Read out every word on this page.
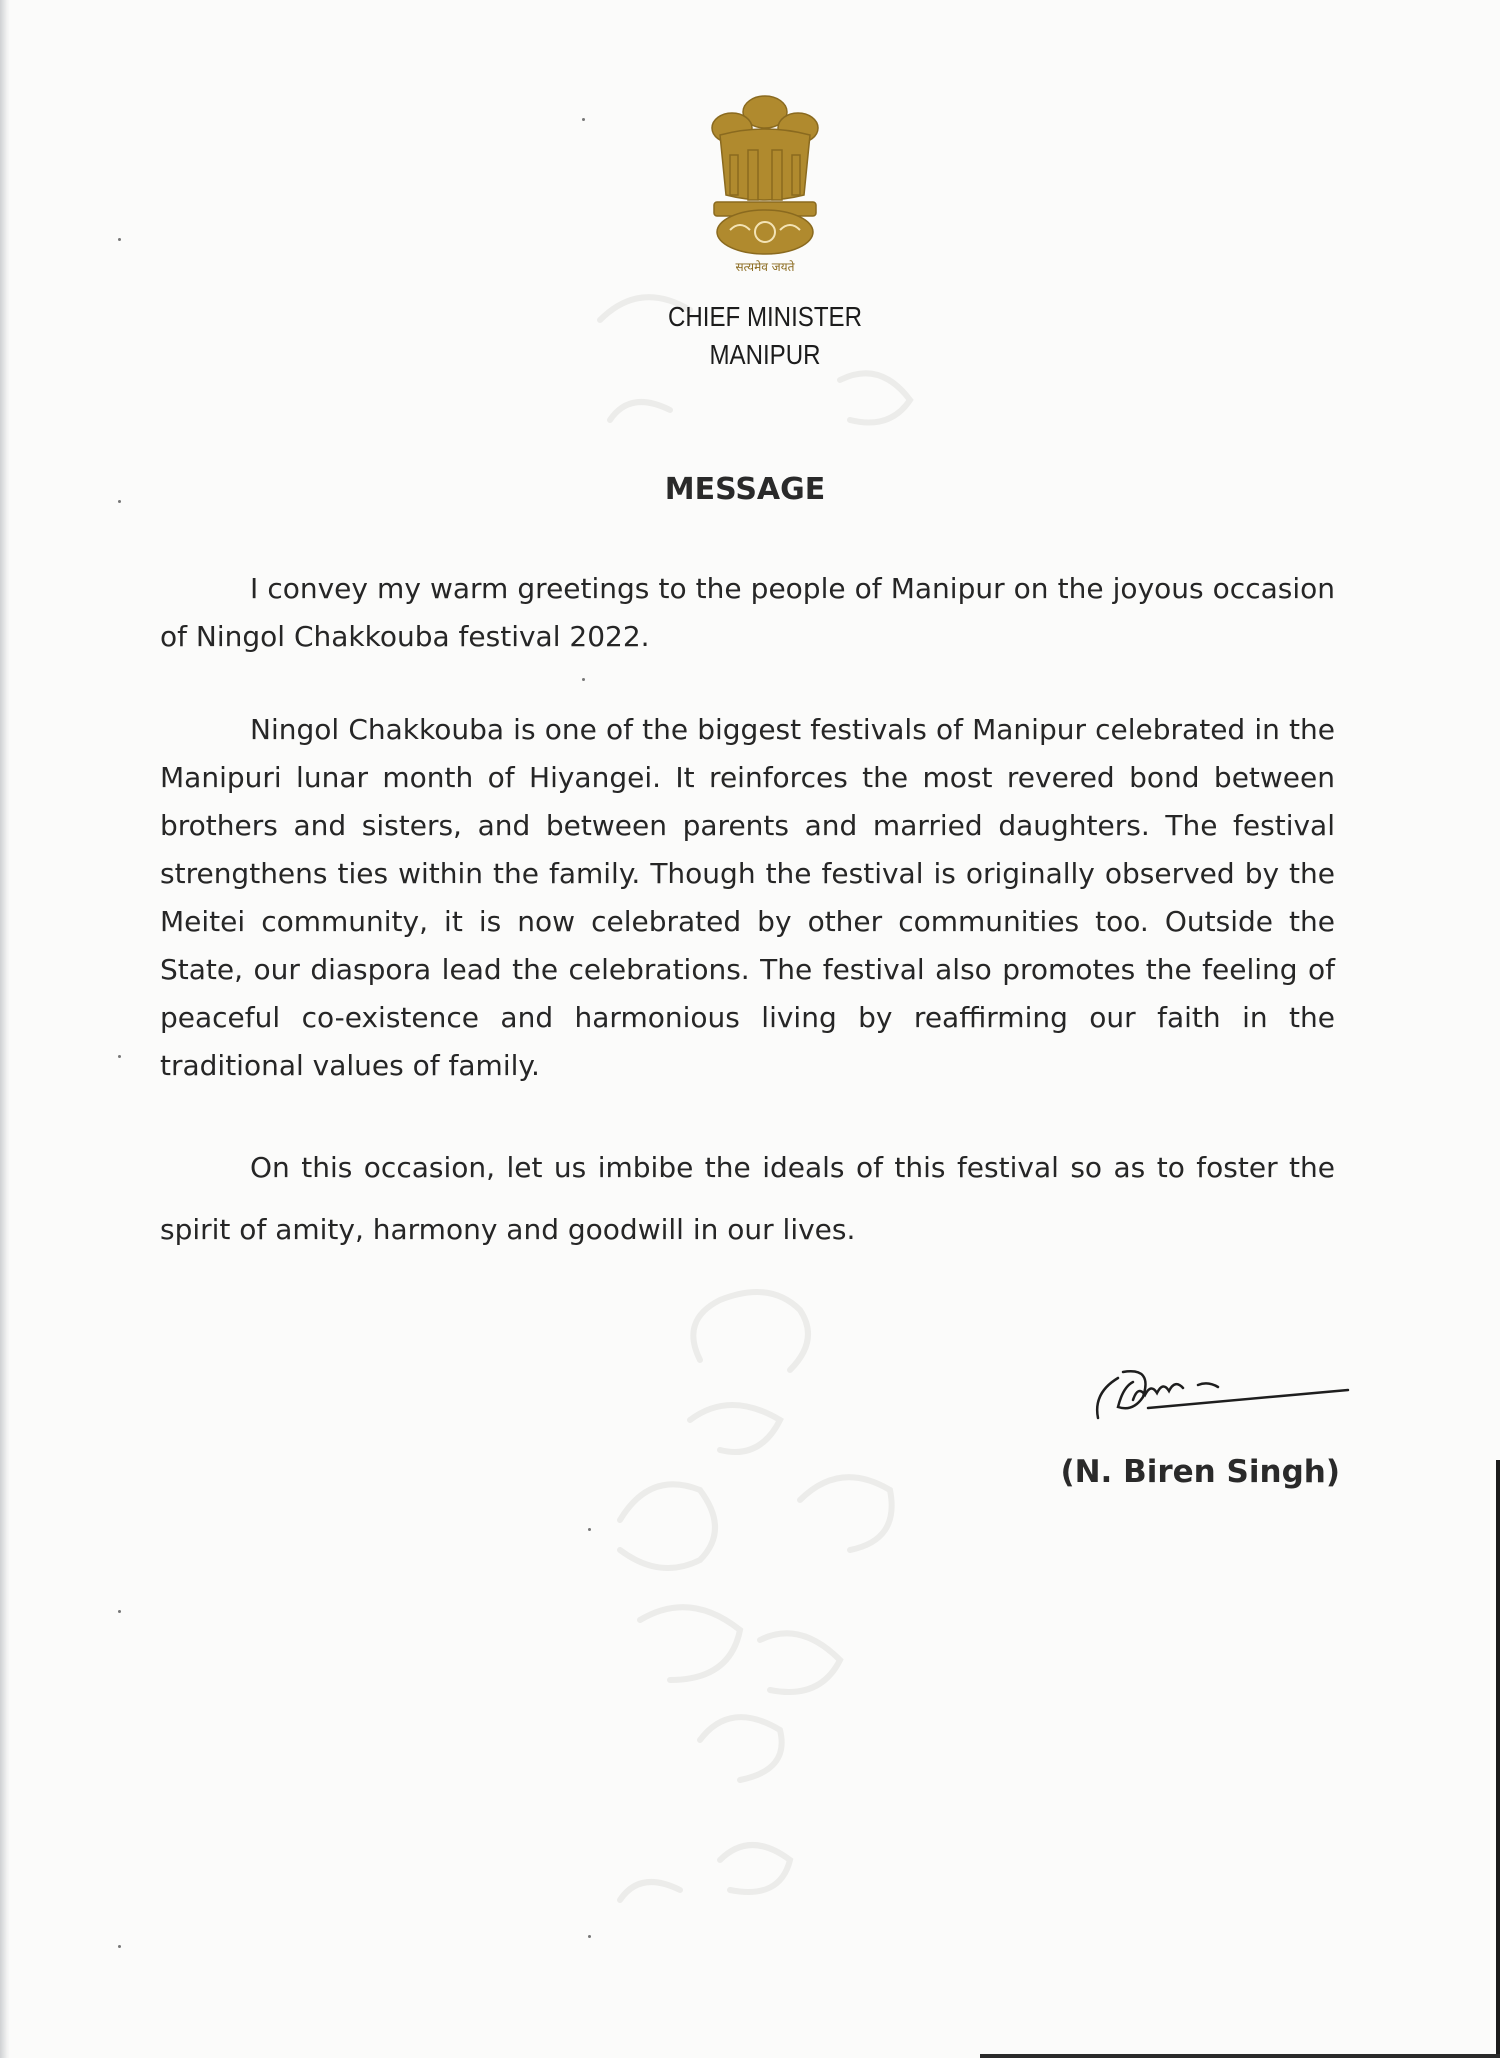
सत्यमेव जयते
CHIEF MINISTER
MANIPUR
MESSAGE

I convey my warm greetings to the people of Manipur on the joyous occasion of Ningol Chakkouba festival 2022.

Ningol Chakkouba is one of the biggest festivals of Manipur celebrated in the Manipuri lunar month of Hiyangei. It reinforces the most revered bond between brothers and sisters, and between parents and married daughters. The festival strengthens ties within the family. Though the festival is originally observed by the Meitei community, it is now celebrated by other communities too. Outside the State, our diaspora lead the celebrations. The festival also promotes the feeling of peaceful co-existence and harmonious living by reaffirming our faith in the traditional values of family.

On this occasion, let us imbibe the ideals of this festival so as to foster the spirit of amity, harmony and goodwill in our lives.

(N. Biren Singh)
